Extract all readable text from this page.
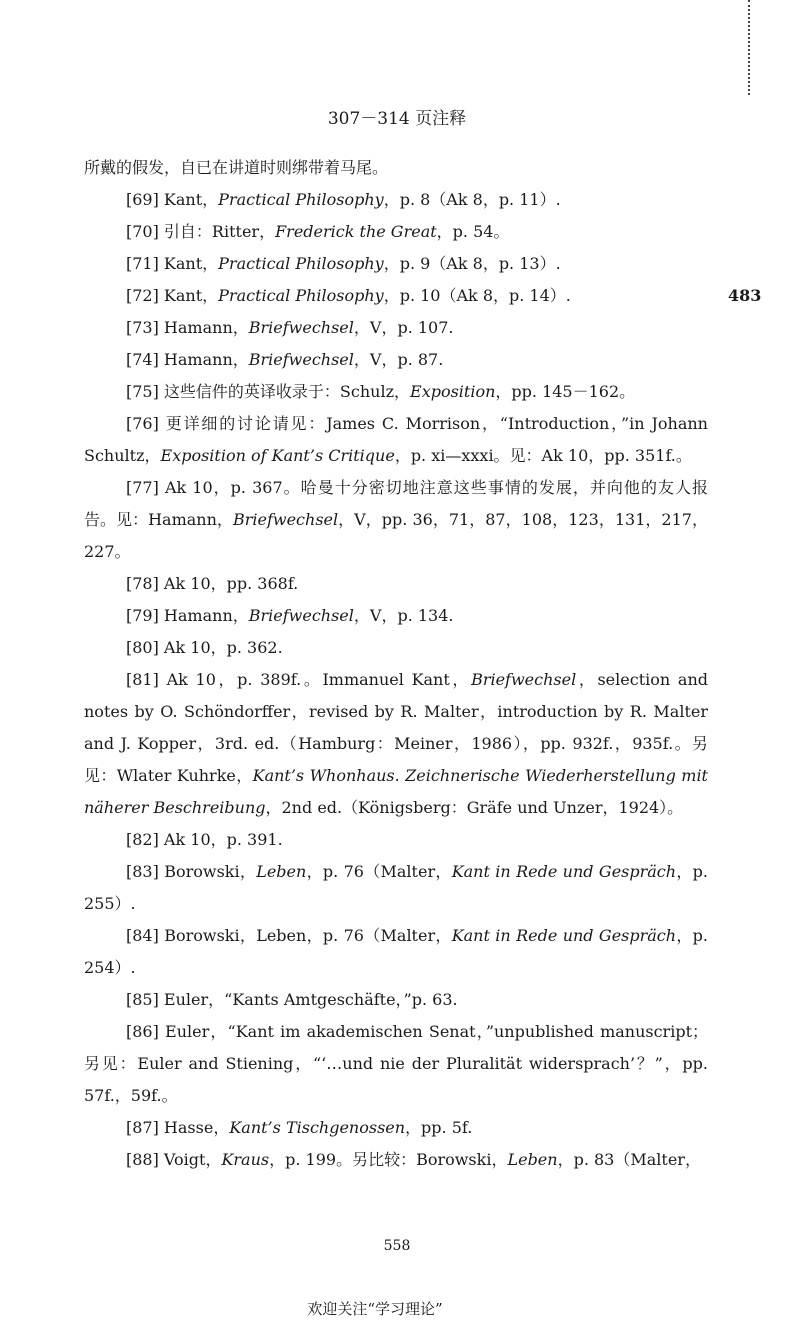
307－314 页注释
483

所戴的假发，自已在讲道时则绑带着马尾。

[69] Kant，Practical Philosophy，p. 8（Ak 8，p. 11）.

[70] 引自：Ritter，Frederick the Great，p. 54。

[71] Kant，Practical Philosophy，p. 9（Ak 8，p. 13）.

[72] Kant，Practical Philosophy，p. 10（Ak 8，p. 14）.

[73] Hamann，Briefwechsel，V，p. 107.

[74] Hamann，Briefwechsel，V，p. 87.

[75] 这些信件的英译收录于：Schulz，Exposition，pp. 145－162。

[76] 更详细的讨论请见：James C. Morrison，“Introduction，”in Johann Schultz，Exposition of Kant’s Critique，p. xi—xxxi。见：Ak 10，pp. 351f.。

[77] Ak 10，p. 367。哈曼十分密切地注意这些事情的发展，并向他的友人报告。见：Hamann，Briefwechsel，V，pp. 36，71，87，108，123，131，217，227。

[78] Ak 10，pp. 368f.

[79] Hamann，Briefwechsel，V，p. 134.

[80] Ak 10，p. 362.

[81] Ak 10，p. 389f.。Immanuel Kant，Briefwechsel，selection and notes by O. Schöndorffer，revised by R. Malter，introduction by R. Malter and J. Kopper，3rd. ed.（Hamburg：Meiner，1986），pp. 932f.，935f.。另见：Wlater Kuhrke，Kant’s Whonhaus. Zeichnerische Wiederherstellung mit näherer Beschreibung，2nd ed.（Königsberg：Gräfe und Unzer，1924）。

[82] Ak 10，p. 391.

[83] Borowski，Leben，p. 76（Malter，Kant in Rede und Gespräch，p. 255）.

[84] Borowski，Leben，p. 76（Malter，Kant in Rede und Gespräch，p. 254）.

[85] Euler，“Kants Amtgeschäfte，”p. 63.

[86] Euler，“Kant im akademischen Senat，”unpublished manuscript；另见：Euler and Stiening，“‘…und nie der Pluralität widersprach’？”，pp. 57f.，59f.。

[87] Hasse，Kant’s Tischgenossen，pp. 5f.

[88] Voigt，Kraus，p. 199。另比较：Borowski，Leben，p. 83（Malter，

558
欢迎关注“学习理论”
